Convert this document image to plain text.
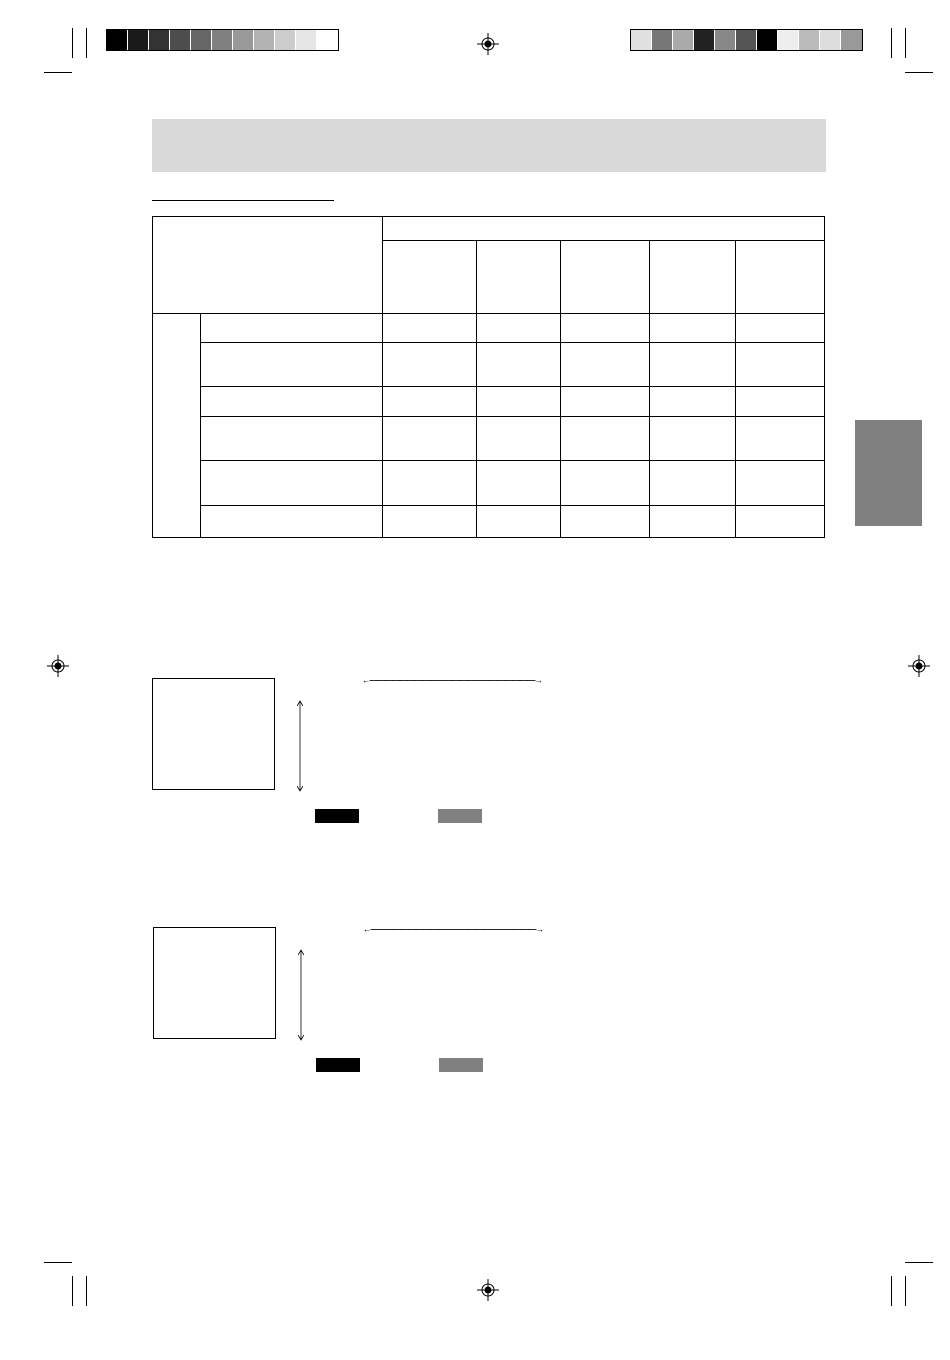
←——————————————————————→
←——————————————————————→
